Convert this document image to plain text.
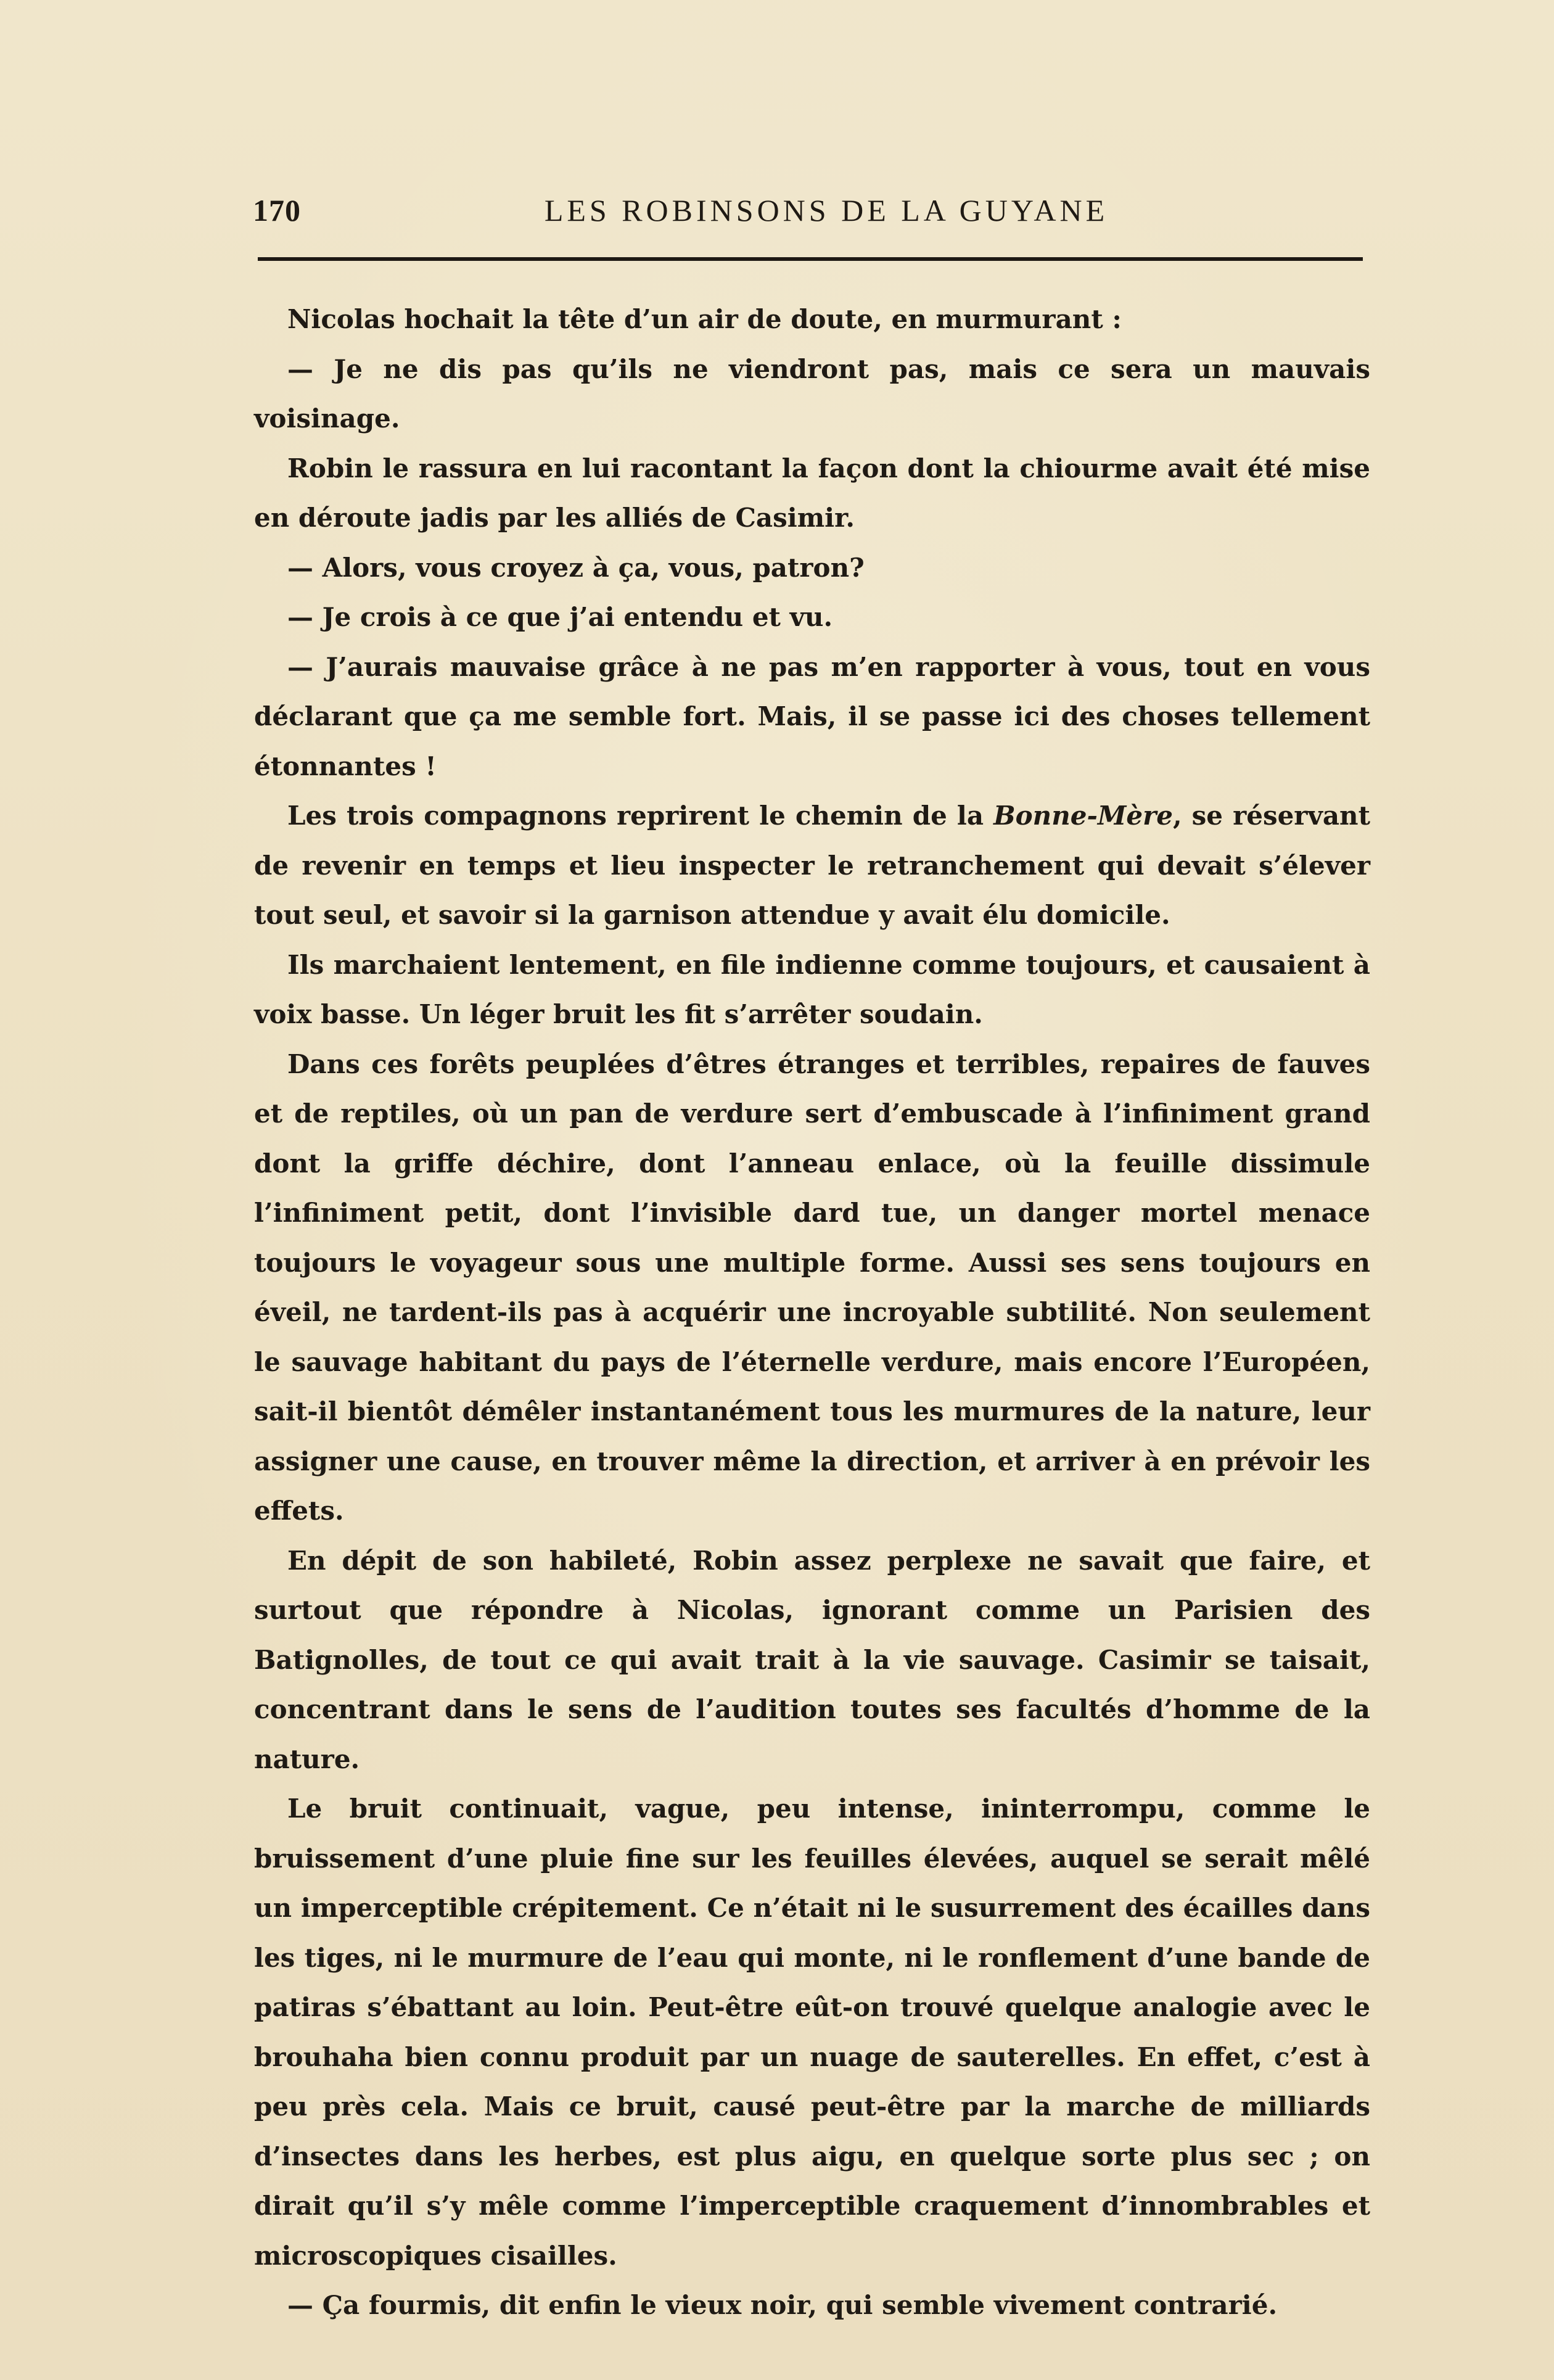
170	LES ROBINSONS DE LA GUYANE

Nicolas hochait la tête d’un air de doute, en murmurant :

— Je ne dis pas qu’ils ne viendront pas, mais ce sera un mauvais voisinage.

Robin le rassura en lui racontant la façon dont la chiourme avait été mise en déroute jadis par les alliés de Casimir.

— Alors, vous croyez à ça, vous, patron?

— Je crois à ce que j’ai entendu et vu.

— J’aurais mauvaise grâce à ne pas m’en rapporter à vous, tout en vous déclarant que ça me semble fort. Mais, il se passe ici des choses tellement étonnantes !

Les trois compagnons reprirent le chemin de la Bonne-Mère, se réservant de revenir en temps et lieu inspecter le retranchement qui devait s’élever tout seul, et savoir si la garnison attendue y avait élu domicile.

Ils marchaient lentement, en file indienne comme toujours, et causaient à voix basse. Un léger bruit les fit s’arrêter soudain.

Dans ces forêts peuplées d’êtres étranges et terribles, repaires de fauves et de reptiles, où un pan de verdure sert d’embuscade à l’infiniment grand dont la griffe déchire, dont l’anneau enlace, où la feuille dissimule l’infiniment petit, dont l’invisible dard tue, un danger mortel menace toujours le voyageur sous une multiple forme. Aussi ses sens toujours en éveil, ne tardent-ils pas à acquérir une incroyable subtilité. Non seulement le sauvage habitant du pays de l’éternelle verdure, mais encore l’Européen, sait-il bientôt démêler instantanément tous les murmures de la nature, leur assigner une cause, en trouver même la direction, et arriver à en prévoir les effets.

En dépit de son habileté, Robin assez perplexe ne savait que faire, et surtout que répondre à Nicolas, ignorant comme un Parisien des Batignolles, de tout ce qui avait trait à la vie sauvage. Casimir se taisait, concentrant dans le sens de l’audition toutes ses facultés d’homme de la nature.

Le bruit continuait, vague, peu intense, ininterrompu, comme le bruissement d’une pluie fine sur les feuilles élevées, auquel se serait mêlé un imperceptible crépitement. Ce n’était ni le susurrement des écailles dans les tiges, ni le murmure de l’eau qui monte, ni le ronflement d’une bande de patiras s’ébattant au loin. Peut-être eût-on trouvé quelque analogie avec le brouhaha bien connu produit par un nuage de sauterelles. En effet, c’est à peu près cela. Mais ce bruit, causé peut-être par la marche de milliards d’insectes dans les herbes, est plus aigu, en quelque sorte plus sec ; on dirait qu’il s’y mêle comme l’imperceptible craquement d’innombrables et microscopiques cisailles.

— Ça fourmis, dit enfin le vieux noir, qui semble vivement contrarié.
